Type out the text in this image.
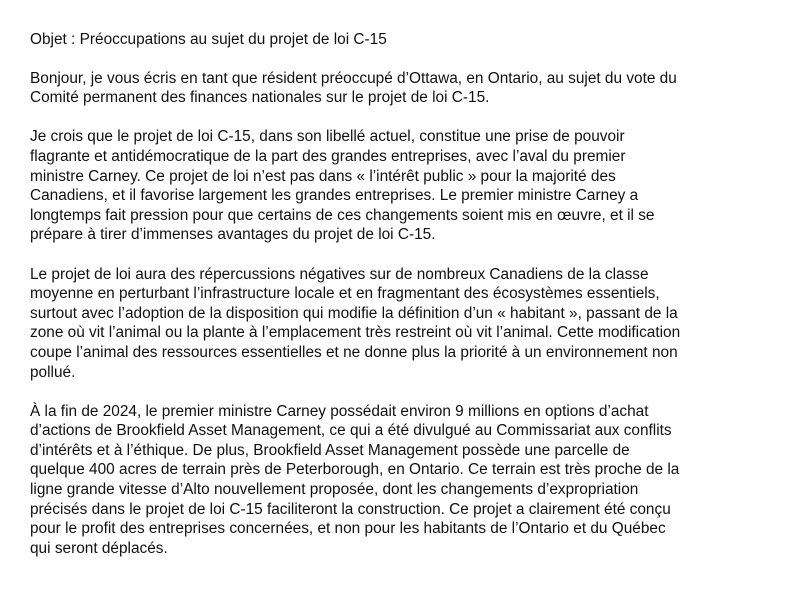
Objet : Préoccupations au sujet du projet de loi C-15
Bonjour, je vous écris en tant que résident préoccupé d’Ottawa, en Ontario, au sujet du vote du
Comité permanent des finances nationales sur le projet de loi C-15.
Je crois que le projet de loi C-15, dans son libellé actuel, constitue une prise de pouvoir
flagrante et antidémocratique de la part des grandes entreprises, avec l’aval du premier
ministre Carney. Ce projet de loi n’est pas dans « l’intérêt public » pour la majorité des
Canadiens, et il favorise largement les grandes entreprises. Le premier ministre Carney a
longtemps fait pression pour que certains de ces changements soient mis en œuvre, et il se
prépare à tirer d’immenses avantages du projet de loi C-15.
Le projet de loi aura des répercussions négatives sur de nombreux Canadiens de la classe
moyenne en perturbant l’infrastructure locale et en fragmentant des écosystèmes essentiels,
surtout avec l’adoption de la disposition qui modifie la définition d’un « habitant », passant de la
zone où vit l’animal ou la plante à l’emplacement très restreint où vit l’animal. Cette modification
coupe l’animal des ressources essentielles et ne donne plus la priorité à un environnement non
pollué.
À la fin de 2024, le premier ministre Carney possédait environ 9 millions en options d’achat
d’actions de Brookfield Asset Management, ce qui a été divulgué au Commissariat aux conflits
d’intérêts et à l’éthique. De plus, Brookfield Asset Management possède une parcelle de
quelque 400 acres de terrain près de Peterborough, en Ontario. Ce terrain est très proche de la
ligne grande vitesse d’Alto nouvellement proposée, dont les changements d’expropriation
précisés dans le projet de loi C-15 faciliteront la construction. Ce projet a clairement été conçu
pour le profit des entreprises concernées, et non pour les habitants de l’Ontario et du Québec
qui seront déplacés.
